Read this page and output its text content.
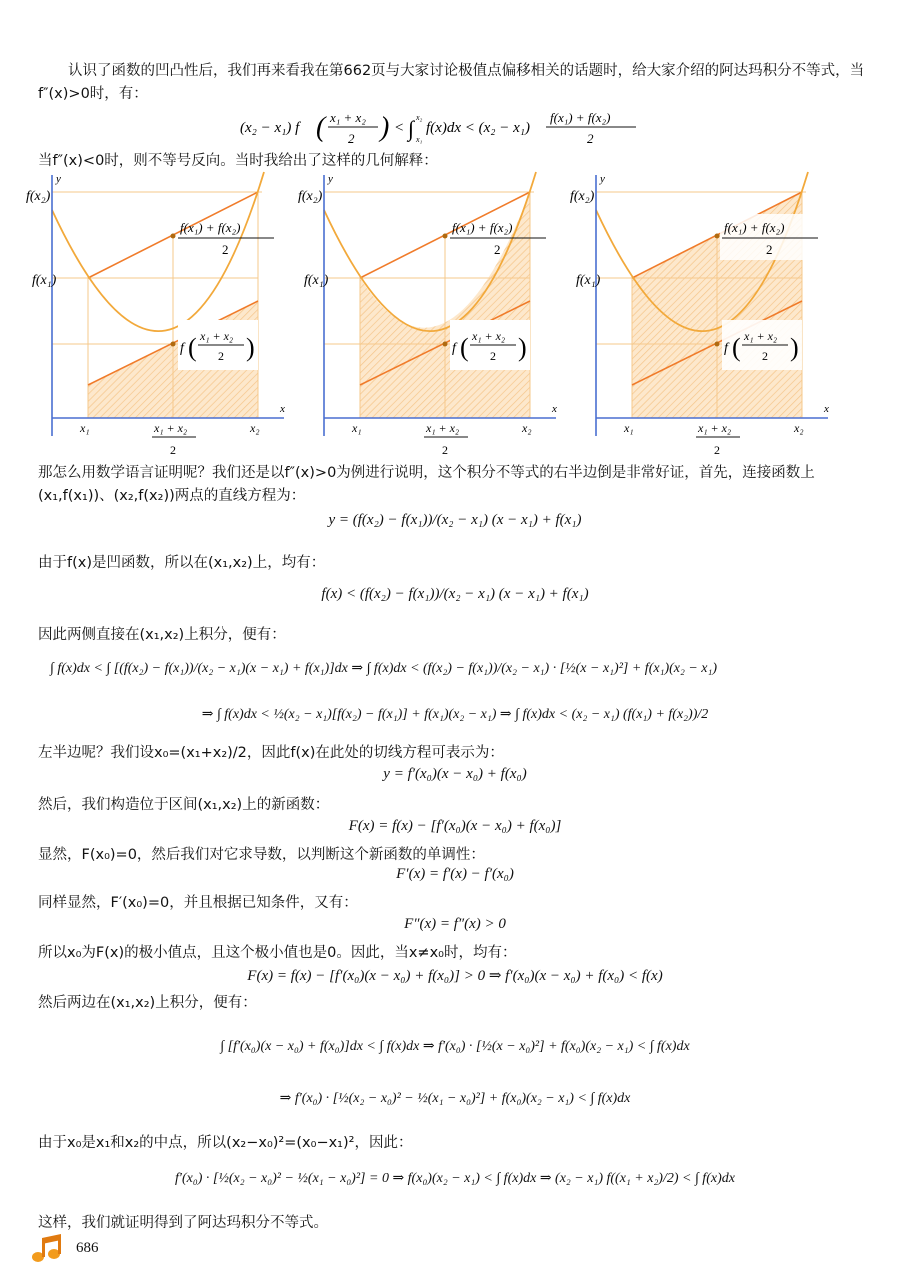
认识了函数的凹凸性后，我们再来看我在第662页与大家讨论极值点偏移相关的话题时，给大家介绍的阿达玛积分不等式，当f″(x)>0时，有：
(x₂ − x₁) f ( x₁ + x₂
2 ) < ∫ x₂
x₁
f(x)dx < (x₂ − x₁)
f(x₁) + f(x₂)
2
当f″(x)<0时，则不等号反向。当时我给出了这样的几何解释：
x
y
f(x₂)
f(x₁)
f(x₁) + f(x₂)
2
f ( x₁ + x₂
2 )
x₁	x₁ + x₂
2
x₂
x
y
f(x₂)
f(x₁)
f(x₁) + f(x₂)
2
f ( x₁ + x₂
2 )
x₁	x₁ + x₂
2
x₂
x
y
f(x₂)
f(x₁)
f(x₁) + f(x₂)
2
f ( x₁ + x₂
2 )
x₁	x₁ + x₂
2
x₂
那怎么用数学语言证明呢？我们还是以f″(x)>0为例进行说明，这个积分不等式的右半边倒是非常好证，首先，连接函数上(x₁,f(x₁))、(x₂,f(x₂))两点的直线方程为：
y = (f(x₂) − f(x₁))/(x₂ − x₁) (x − x₁) + f(x₁)
由于f(x)是凹函数，所以在(x₁,x₂)上，均有：
f(x) < (f(x₂) − f(x₁))/(x₂ − x₁) (x − x₁) + f(x₁)
因此两侧直接在(x₁,x₂)上积分，便有：
∫ f(x)dx < ∫ [(f(x₂) − f(x₁))/(x₂ − x₁)(x − x₁) + f(x₁)]dx ⇒ ∫ f(x)dx < (f(x₂) − f(x₁))/(x₂ − x₁) · [½(x − x₁)²] + f(x₁)(x₂ − x₁)
⇒ ∫ f(x)dx < ½(x₂ − x₁)[f(x₂) − f(x₁)] + f(x₁)(x₂ − x₁) ⇒ ∫ f(x)dx < (x₂ − x₁) (f(x₁) + f(x₂))/2
左半边呢？我们设x₀=(x₁+x₂)/2，因此f(x)在此处的切线方程可表示为：
y = f′(x₀)(x − x₀) + f(x₀)
然后，我们构造位于区间(x₁,x₂)上的新函数：
F(x) = f(x) − [f′(x₀)(x − x₀) + f(x₀)]
显然，F(x₀)=0，然后我们对它求导数，以判断这个新函数的单调性：
F′(x) = f′(x) − f′(x₀)
同样显然，F′(x₀)=0，并且根据已知条件，又有：
F″(x) = f″(x) > 0
所以x₀为F(x)的极小值点，且这个极小值也是0。因此，当x≠x₀时，均有：
F(x) = f(x) − [f′(x₀)(x − x₀) + f(x₀)] > 0 ⇒ f′(x₀)(x − x₀) + f(x₀) < f(x)
然后两边在(x₁,x₂)上积分，便有：
∫ [f′(x₀)(x − x₀) + f(x₀)]dx < ∫ f(x)dx ⇒ f′(x₀) · [½(x − x₀)²] + f(x₀)(x₂ − x₁) < ∫ f(x)dx
⇒ f′(x₀) · [½(x₂ − x₀)² − ½(x₁ − x₀)²] + f(x₀)(x₂ − x₁) < ∫ f(x)dx
由于x₀是x₁和x₂的中点，所以(x₂−x₀)²=(x₀−x₁)²，因此：
f′(x₀) · [½(x₂ − x₀)² − ½(x₁ − x₀)²] = 0 ⇒ f(x₀)(x₂ − x₁) < ∫ f(x)dx ⇒ (x₂ − x₁) f((x₁ + x₂)/2) < ∫ f(x)dx
这样，我们就证明得到了阿达玛积分不等式。
686
